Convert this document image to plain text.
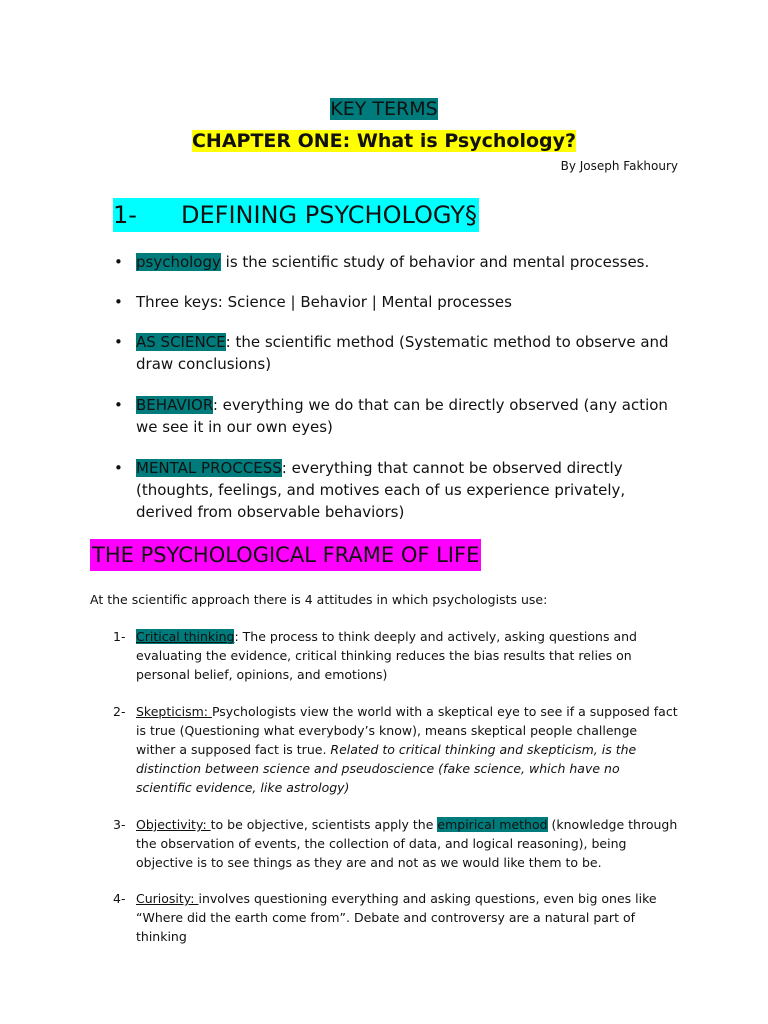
KEY TERMS
CHAPTER ONE: What is Psychology?
By Joseph Fakhoury
1- DEFINING PSYCHOLOGY§
• psychology is the scientific study of behavior and mental processes.
• Three keys: Science | Behavior | Mental processes
• AS SCIENCE: the scientific method (Systematic method to observe and draw conclusions)
• BEHAVIOR: everything we do that can be directly observed (any action we see it in our own eyes)
• MENTAL PROCCESS: everything that cannot be observed directly (thoughts, feelings, and motives each of us experience privately, derived from observable behaviors)
THE PSYCHOLOGICAL FRAME OF LIFE
At the scientific approach there is 4 attitudes in which psychologists use:
1- Critical thinking: The process to think deeply and actively, asking questions and evaluating the evidence, critical thinking reduces the bias results that relies on personal belief, opinions, and emotions)
2- Skepticism: Psychologists view the world with a skeptical eye to see if a supposed fact is true (Questioning what everybody’s know), means skeptical people challenge wither a supposed fact is true. Related to critical thinking and skepticism, is the distinction between science and pseudoscience (fake science, which have no scientific evidence, like astrology)
3- Objectivity: to be objective, scientists apply the empirical method (knowledge through the observation of events, the collection of data, and logical reasoning), being objective is to see things as they are and not as we would like them to be.
4- Curiosity: involves questioning everything and asking questions, even big ones like “Where did the earth come from”. Debate and controversy are a natural part of thinking
